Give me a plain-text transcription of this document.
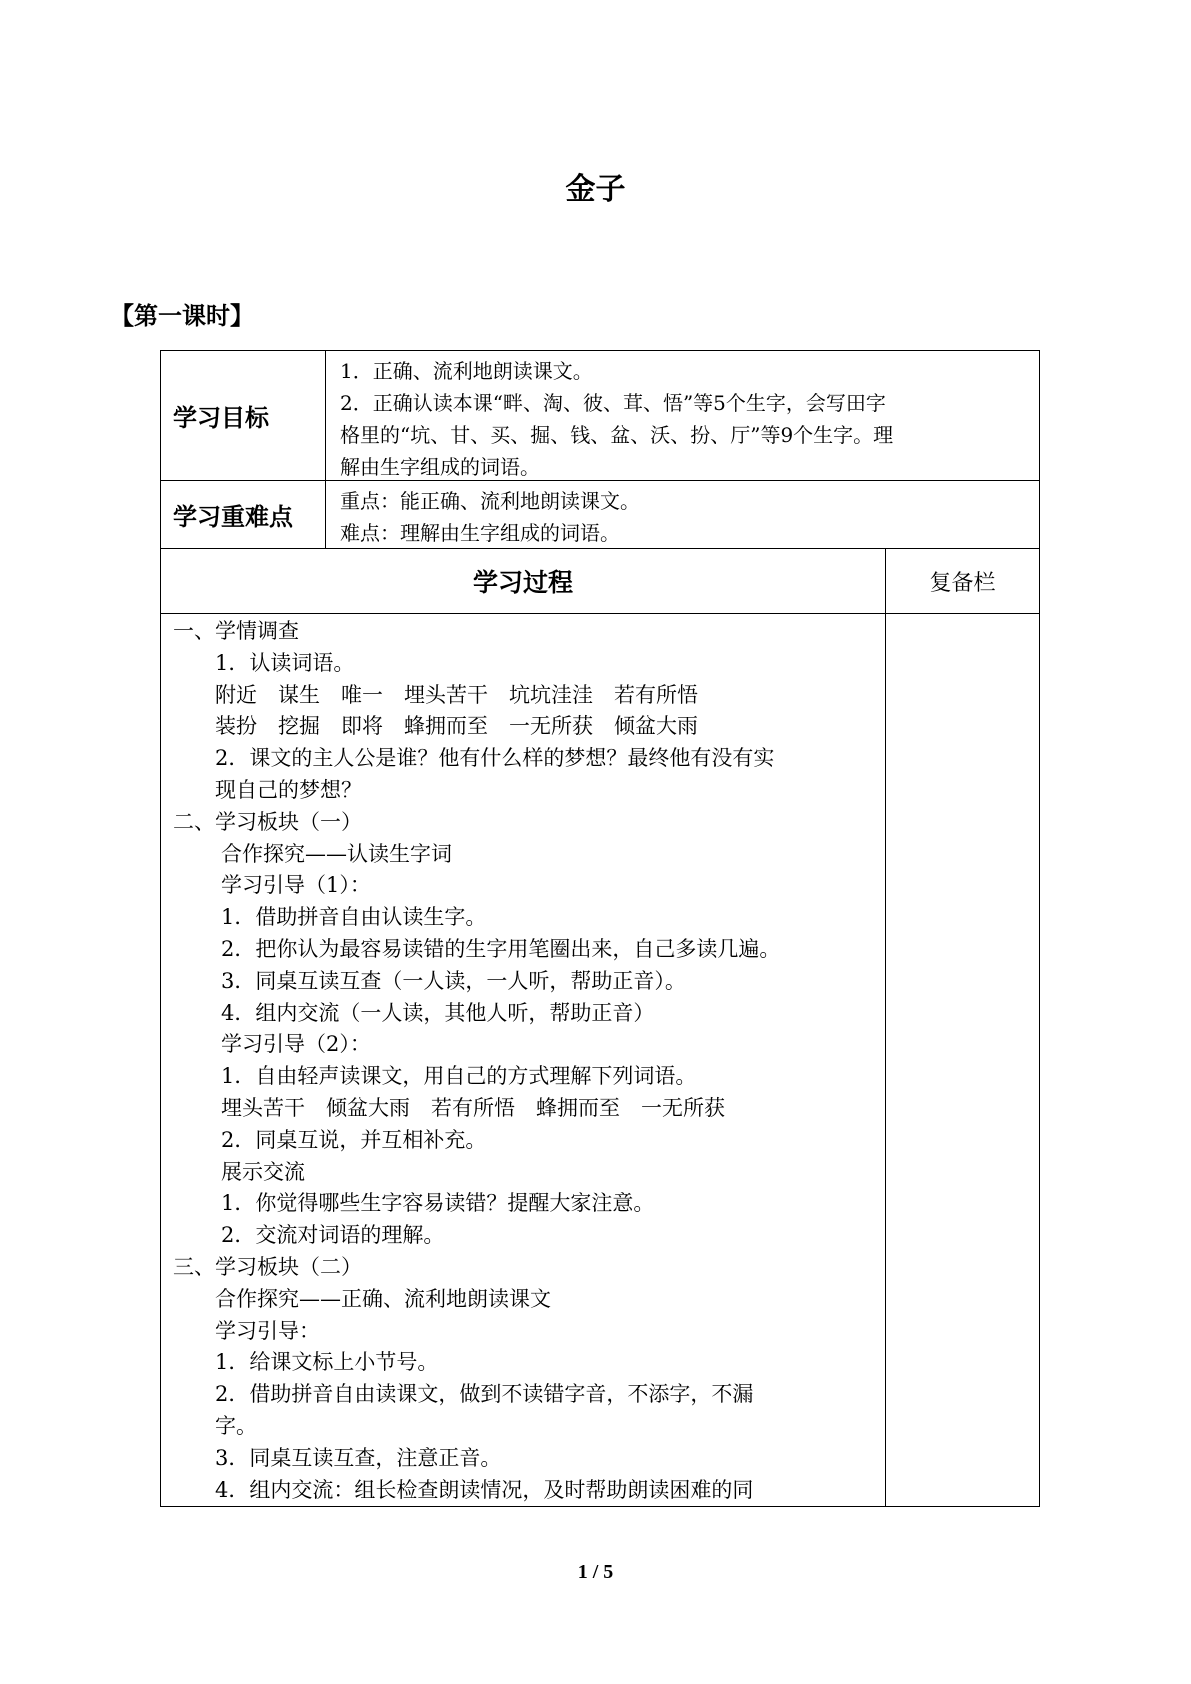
金子
【第一课时】
学习目标
1．正确、流利地朗读课文。
2．正确认读本课“畔、淘、彼、茸、悟”等5个生字，会写田字
格里的“坑、甘、买、掘、钱、盆、沃、扮、厅”等9个生字。理
解由生字组成的词语。
学习重难点
重点：能正确、流利地朗读课文。
难点：理解由生字组成的词语。
学习过程	复备栏
一、学情调查
1．认读词语。
附近　谋生　唯一　埋头苦干　坑坑洼洼　若有所悟
装扮　挖掘　即将　蜂拥而至　一无所获　倾盆大雨
2．课文的主人公是谁？他有什么样的梦想？最终他有没有实
现自己的梦想？
二、学习板块（一）
合作探究——认读生字词
学习引导（1）：
1．借助拼音自由认读生字。
2．把你认为最容易读错的生字用笔圈出来，自己多读几遍。
3．同桌互读互查（一人读，一人听，帮助正音）。
4．组内交流（一人读，其他人听，帮助正音）
学习引导（2）：
1．自由轻声读课文，用自己的方式理解下列词语。
埋头苦干　倾盆大雨　若有所悟　蜂拥而至　一无所获
2．同桌互说，并互相补充。
展示交流
1．你觉得哪些生字容易读错？提醒大家注意。
2．交流对词语的理解。
三、学习板块（二）
合作探究——正确、流利地朗读课文
学习引导：
1．给课文标上小节号。
2．借助拼音自由读课文，做到不读错字音，不添字，不漏
字。
3．同桌互读互查，注意正音。
4．组内交流：组长检查朗读情况，及时帮助朗读困难的同
1 / 5
